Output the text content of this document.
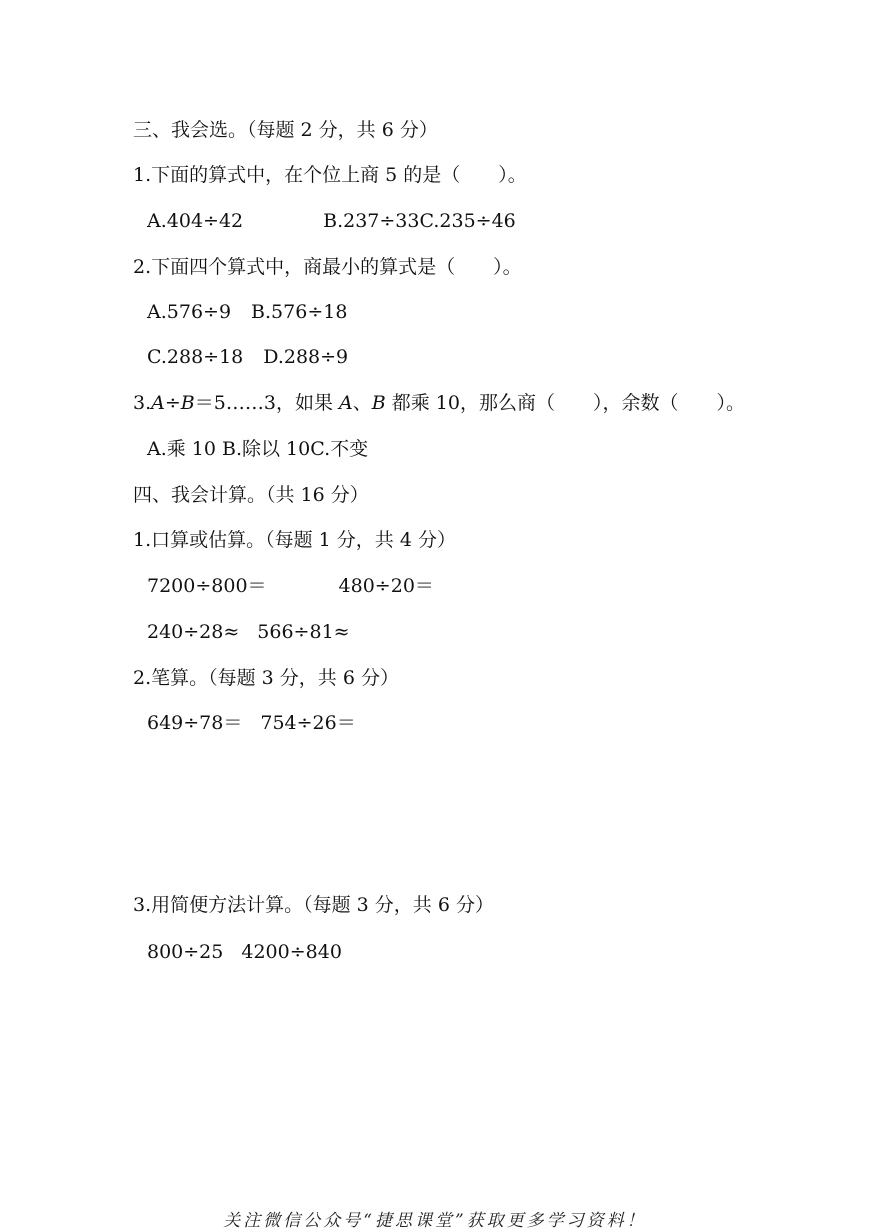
三、我会选。（每题 2 分，共 6 分）
1.下面的算式中，在个位上商 5 的是（　　）。
A.404÷42	B.237÷33C.235÷46
2.下面四个算式中，商最小的算式是（　　）。
A.576÷9 B.576÷18
C.288÷18 D.288÷9
3.A÷B＝5……3，如果 A、B 都乘 10，那么商（　　），余数（　　）。
A.乘 10 B.除以 10C.不变
四、我会计算。（共 16 分）
1.口算或估算。（每题 1 分，共 4 分）
7200÷800＝	480÷20＝
240÷28≈ 566÷81≈
2.笔算。（每题 3 分，共 6 分）
649÷78＝ 754÷26＝
3.用简便方法计算。（每题 3 分，共 6 分）
800÷25 4200÷840
关注微信公众号“捷思课堂”获取更多学习资料！
